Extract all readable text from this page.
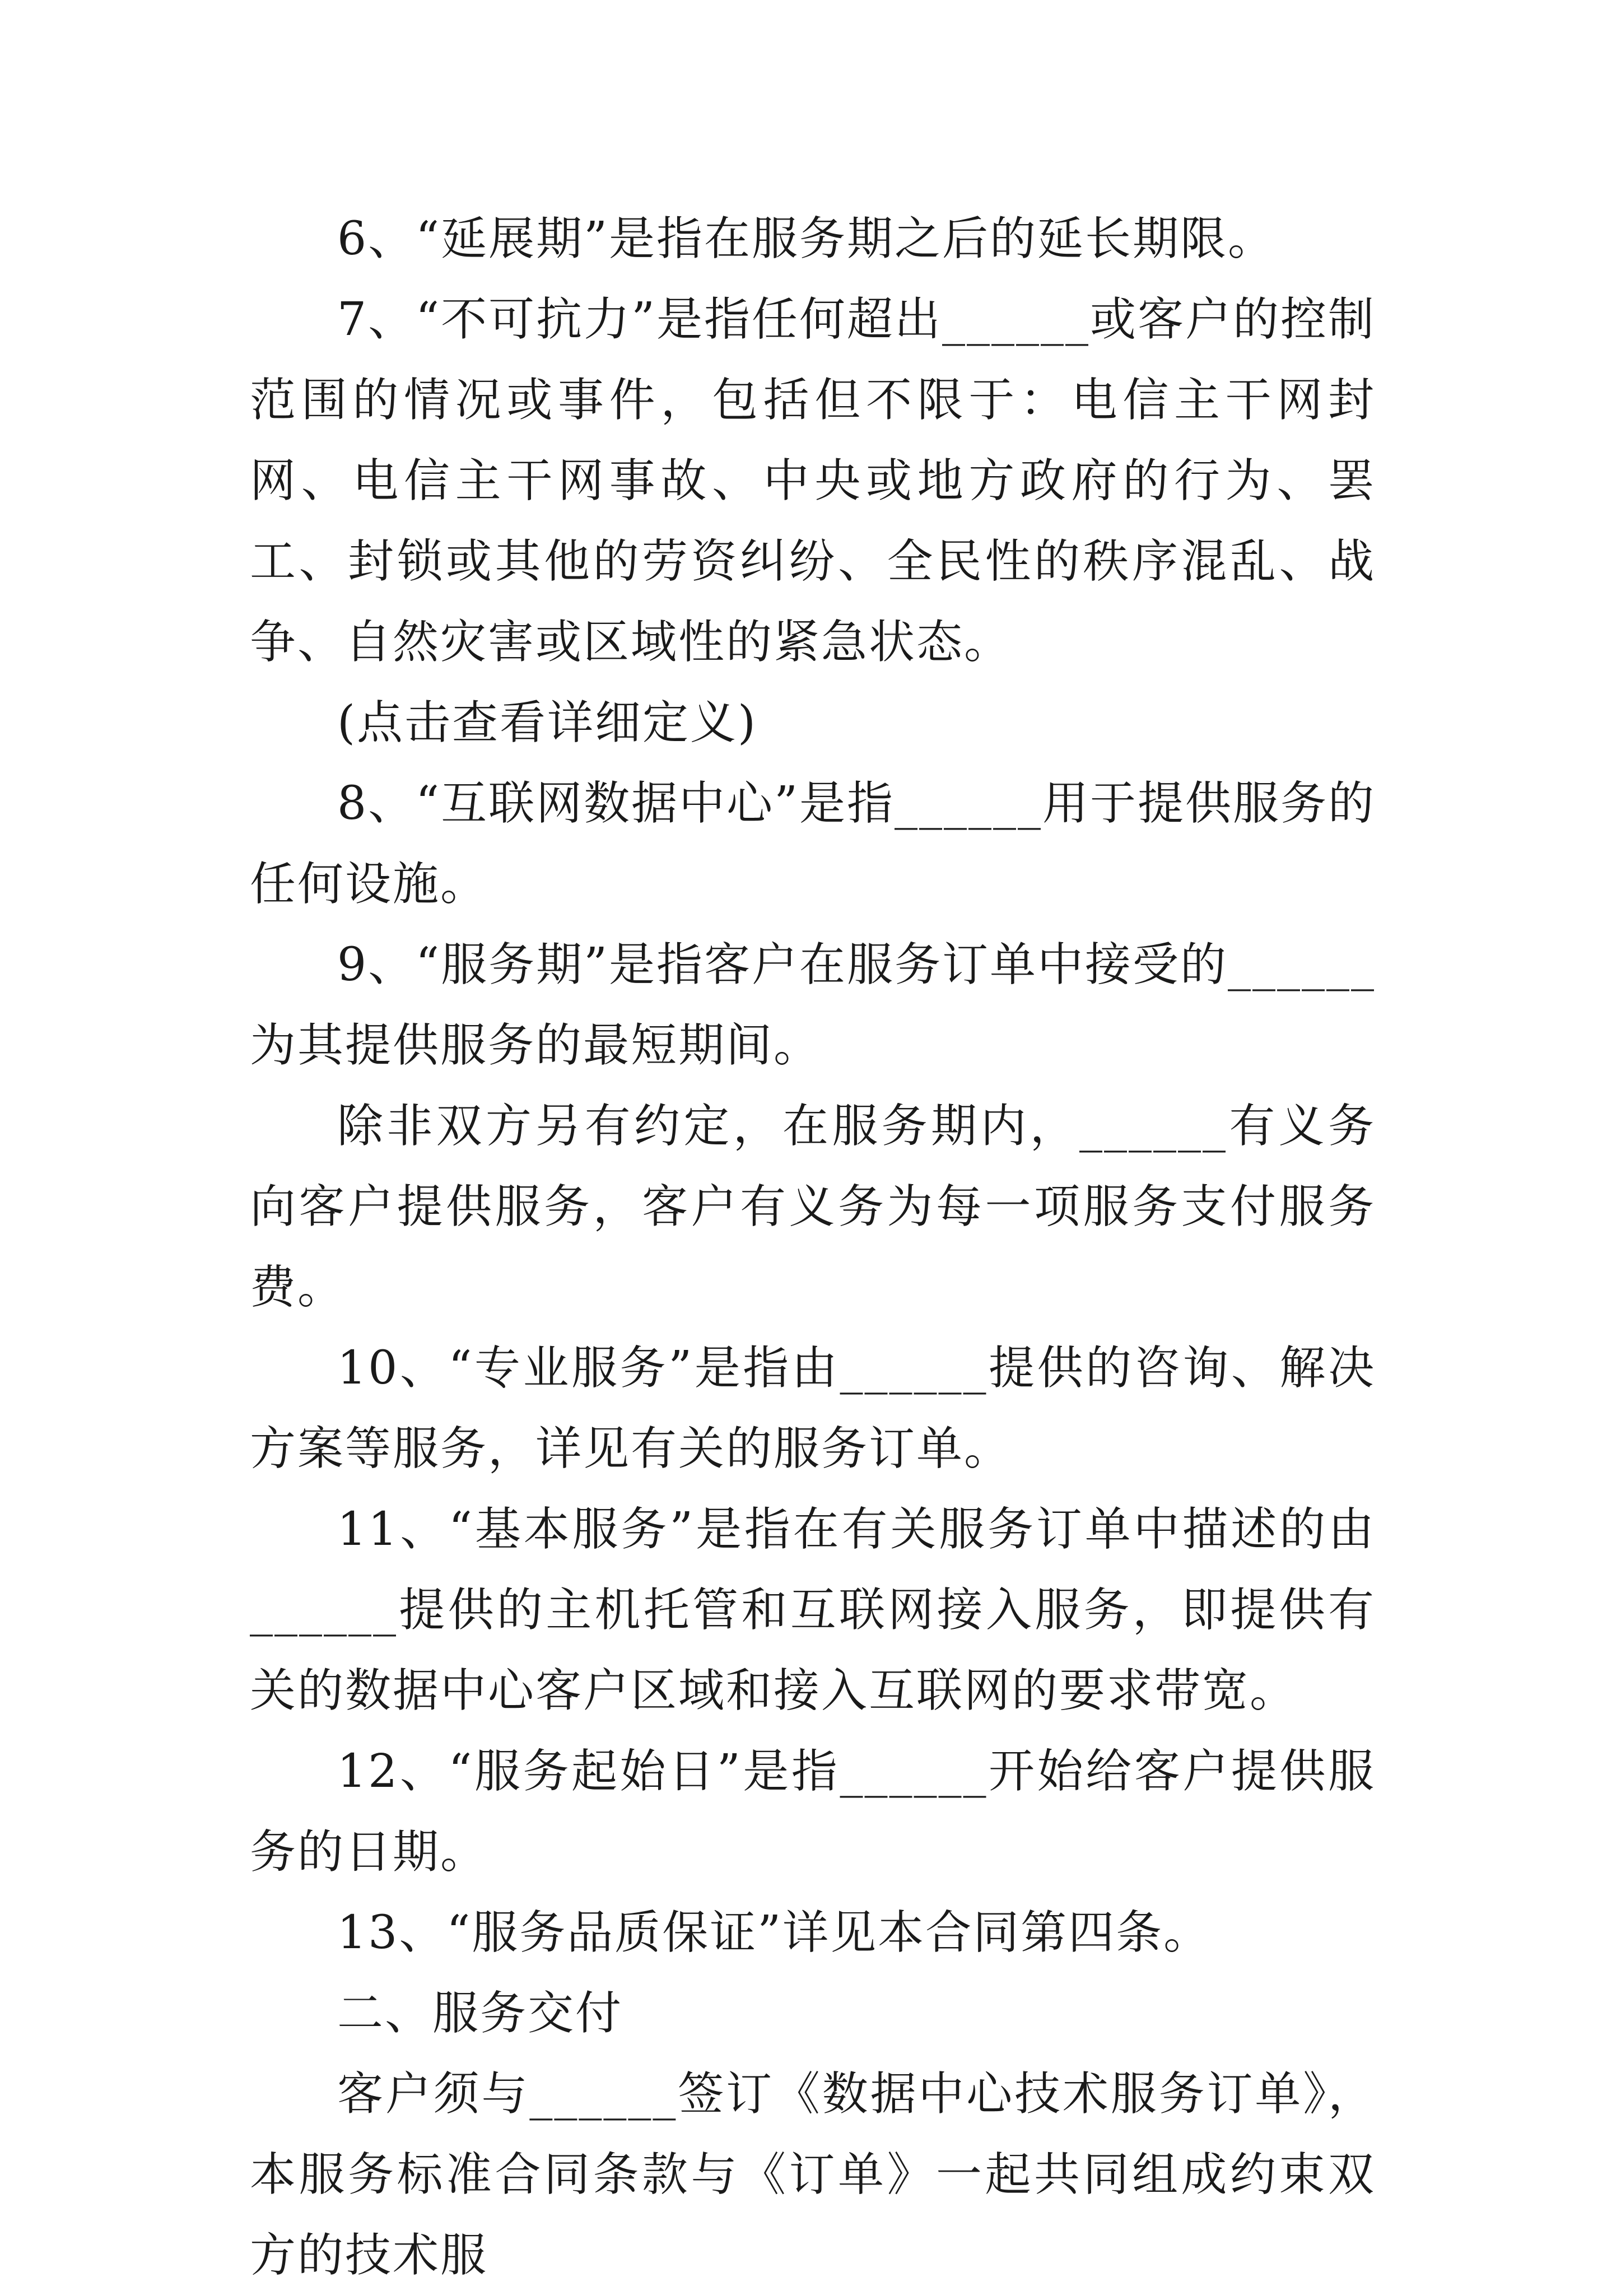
6、“延展期”是指在服务期之后的延长期限。

7、“不可抗力”是指任何超出______或客户的控制范围的情况或事件，包括但不限于：电信主干网封网、电信主干网事故、中央或地方政府的行为、罢工、封锁或其他的劳资纠纷、全民性的秩序混乱、战争、自然灾害或区域性的紧急状态。

(点击查看详细定义)

8、“互联网数据中心”是指______用于提供服务的任何设施。

9、“服务期”是指客户在服务订单中接受的______为其提供服务的最短期间。

除非双方另有约定，在服务期内，______有义务向客户提供服务，客户有义务为每一项服务支付服务费。

10、“专业服务”是指由______提供的咨询、解决方案等服务，详见有关的服务订单。

11、“基本服务”是指在有关服务订单中描述的由______提供的主机托管和互联网接入服务，即提供有关的数据中心客户区域和接入互联网的要求带宽。

12、“服务起始日”是指______开始给客户提供服务的日期。

13、“服务品质保证”详见本合同第四条。

二、服务交付

客户须与______签订《数据中心技术服务订单》，本服务标准合同条款与《订单》一起共同组成约束双方的技术服
